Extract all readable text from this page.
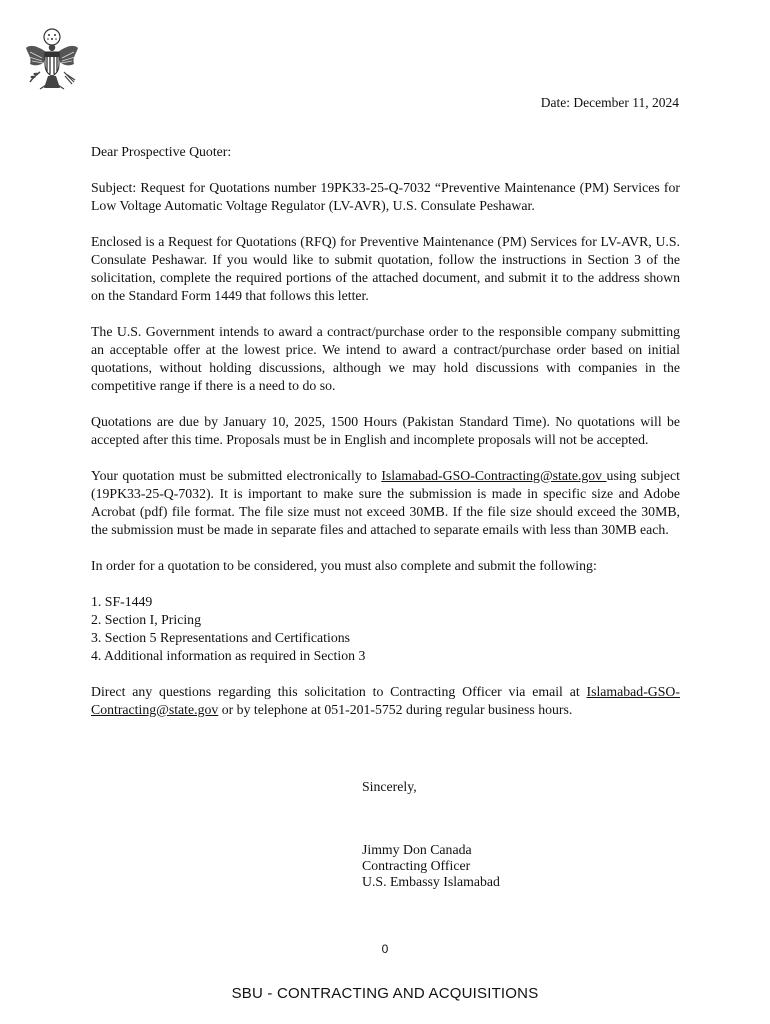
Date: December 11, 2024

Dear Prospective Quoter:

Subject: Request for Quotations number 19PK33-25-Q-7032 “Preventive Maintenance (PM) Services for Low Voltage Automatic Voltage Regulator (LV-AVR), U.S. Consulate Peshawar.

Enclosed is a Request for Quotations (RFQ) for Preventive Maintenance (PM) Services for LV-AVR, U.S. Consulate Peshawar. If you would like to submit quotation, follow the instructions in Section 3 of the solicitation, complete the required portions of the attached document, and submit it to the address shown on the Standard Form 1449 that follows this letter.

The U.S. Government intends to award a contract/purchase order to the responsible company submitting an acceptable offer at the lowest price. We intend to award a contract/purchase order based on initial quotations, without holding discussions, although we may hold discussions with companies in the competitive range if there is a need to do so.

Quotations are due by January 10, 2025, 1500 Hours (Pakistan Standard Time). No quotations will be accepted after this time. Proposals must be in English and incomplete proposals will not be accepted.

Your quotation must be submitted electronically to Islamabad-GSO-Contracting@state.gov using subject (19PK33-25-Q-7032). It is important to make sure the submission is made in specific size and Adobe Acrobat (pdf) file format. The file size must not exceed 30MB. If the file size should exceed the 30MB, the submission must be made in separate files and attached to separate emails with less than 30MB each.

In order for a quotation to be considered, you must also complete and submit the following:

1. SF-1449
2. Section I, Pricing
3. Section 5 Representations and Certifications
4. Additional information as required in Section 3

Direct any questions regarding this solicitation to Contracting Officer via email at Islamabad-GSO-Contracting@state.gov or by telephone at 051-201-5752 during regular business hours.

Sincerely,
Jimmy Don Canada
Contracting Officer
U.S. Embassy Islamabad
0
SBU - CONTRACTING AND ACQUISITIONS
